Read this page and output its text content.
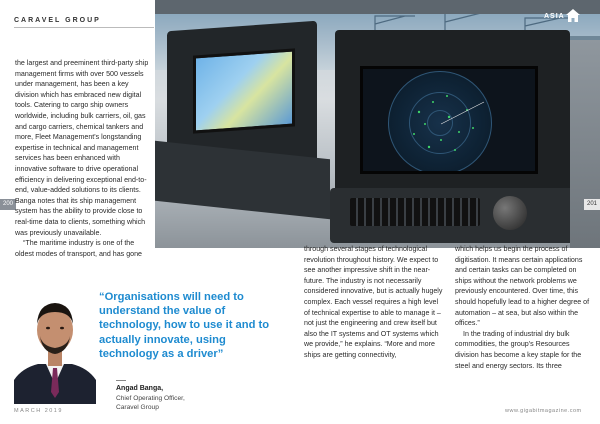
CARAVEL GROUP
ASIA
200	201

the largest and preeminent third-party ship management firms with over 500 vessels under management, has been a key division which has embraced new digital tools. Catering to cargo ship owners worldwide, including bulk carriers, oil, gas and cargo carriers, chemical tankers and more, Fleet Management's longstanding expertise in technical and management services has been enhanced with innovative software to drive operational efficiency in delivering exceptional end-to-end, value-added solutions to its clients. Banga notes that its ship management system has the ability to provide close to real-time data to clients, something which was previously unavailable.

“The maritime industry is one of the oldest modes of transport, and has gone

“Organisations will need to understand the value of technology, how to use it and to actually innovate, using technology as a driver”
Angad Banga,
Chief Operating Officer,
Caravel Group

through several stages of technological revolution throughout history. We expect to see another impressive shift in the near-future. The industry is not necessarily considered innovative, but is actually hugely complex. Each vessel requires a high level of technical expertise to able to manage it – not just the engineering and crew itself but also the IT systems and OT systems which we provide,” he explains. “More and more ships are getting connectivity,

which helps us begin the process of digitisation. It means certain applications and certain tasks can be completed on ships without the network problems we previously encountered. Over time, this should hopefully lead to a higher degree of automation – at sea, but also within the offices.”

In the trading of industrial dry bulk commodities, the group's Resources division has become a key staple for the steel and energy sectors. Its three

MARCH 2019	www.gigabitmagazine.com
